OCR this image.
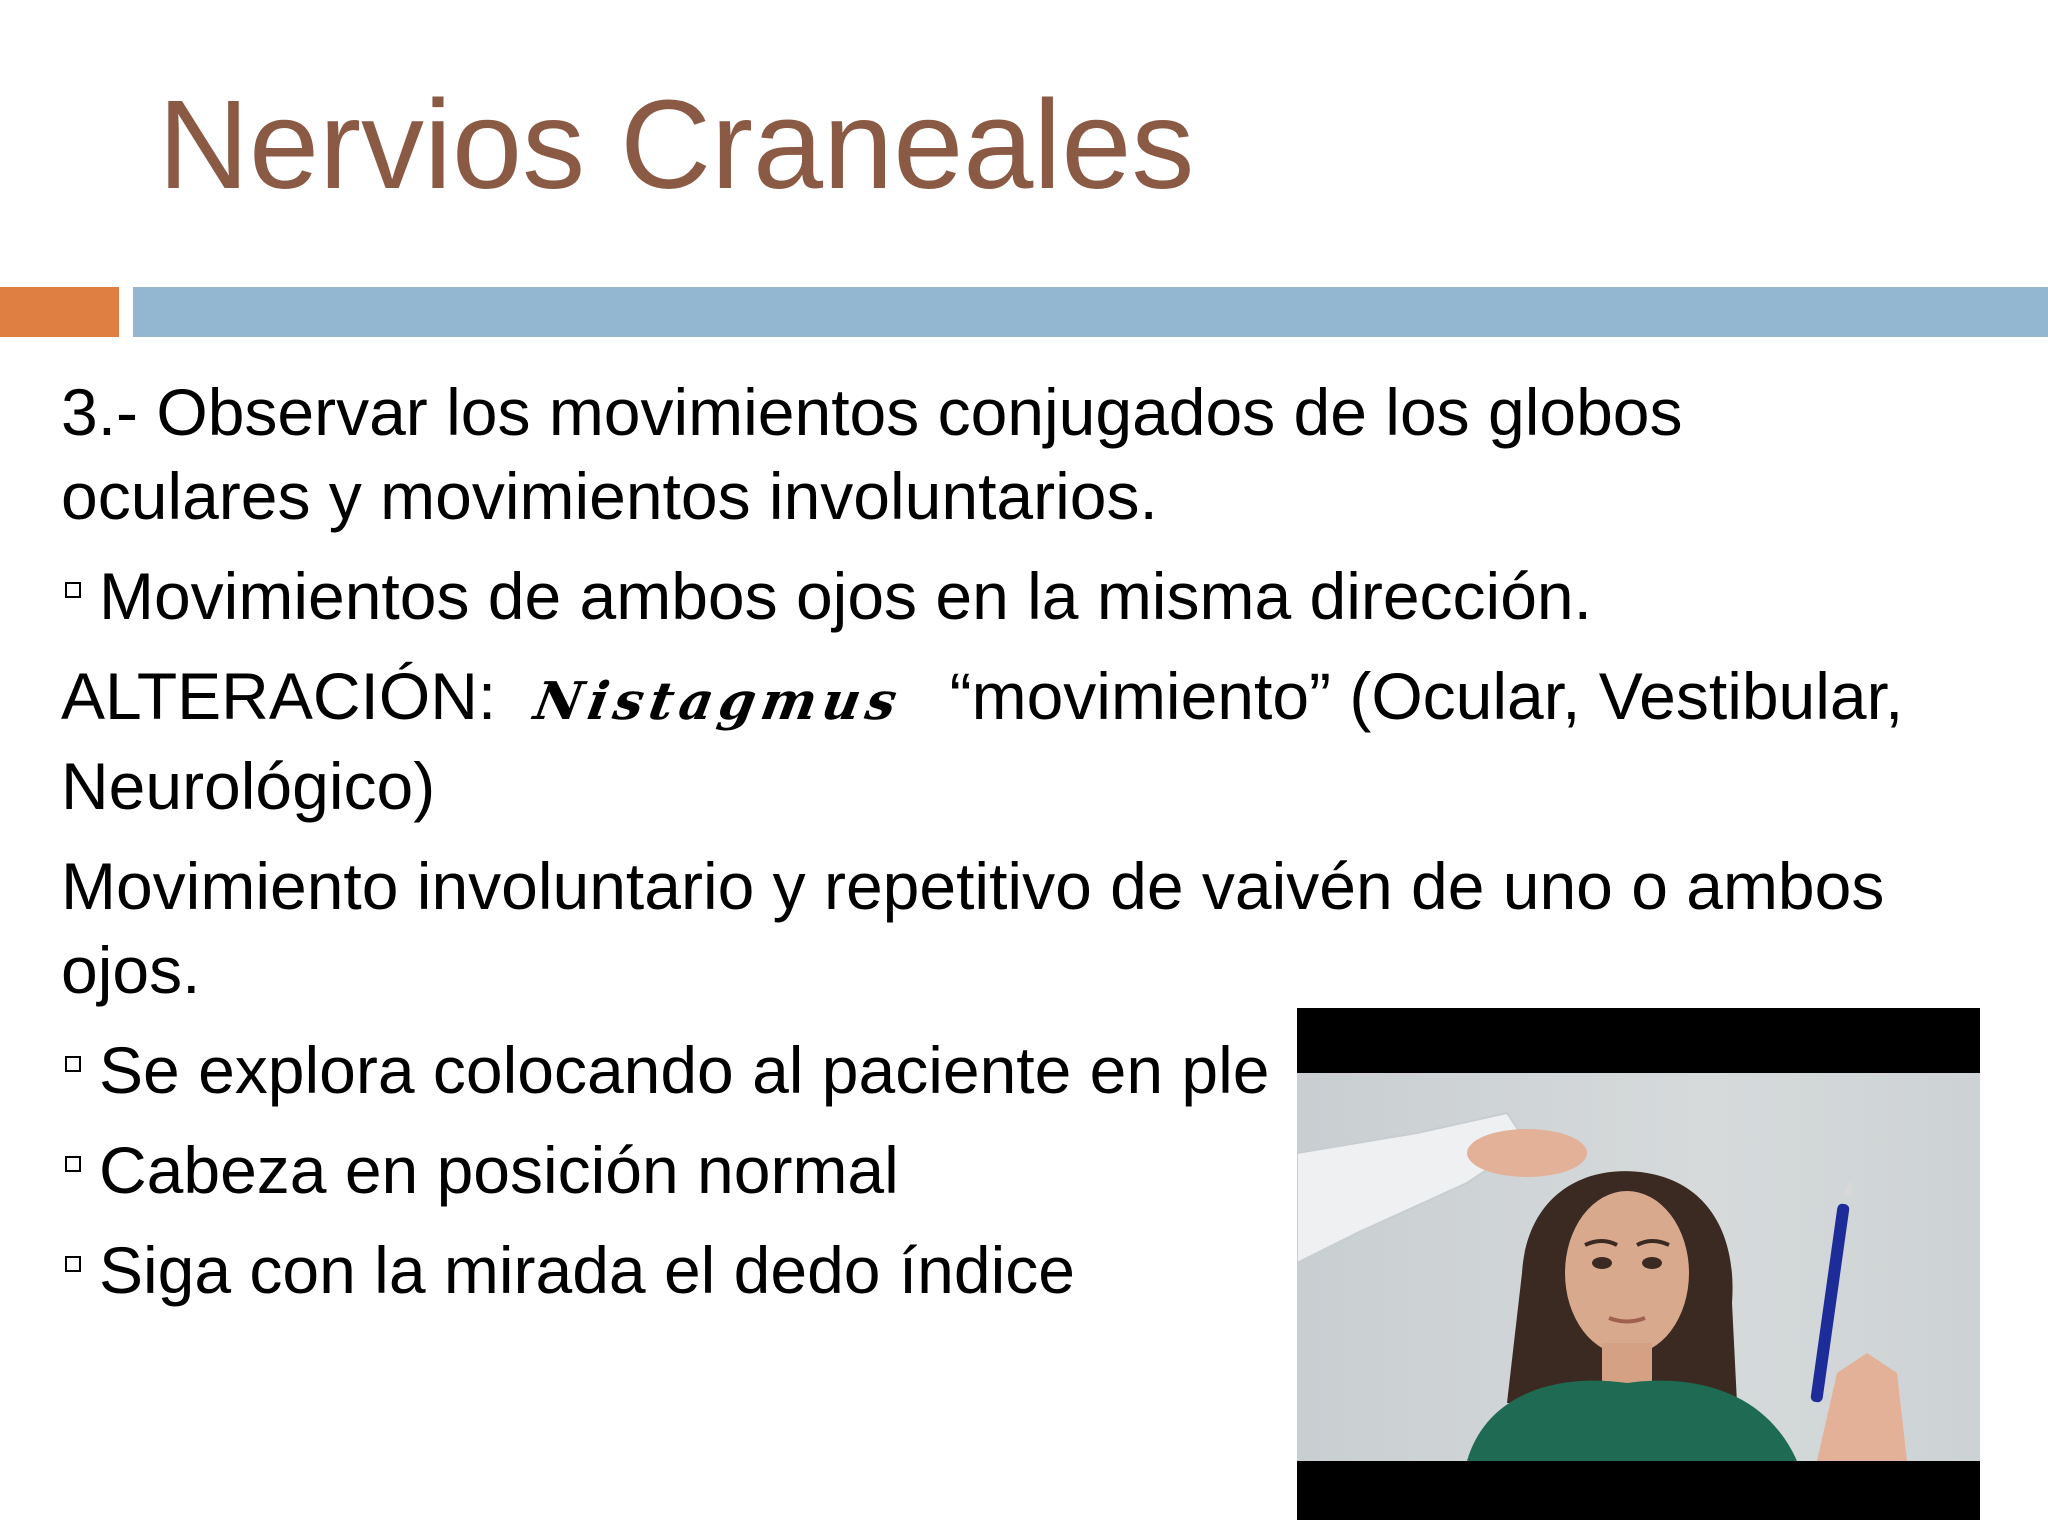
Nervios Craneales

3.- Observar los movimientos conjugados de los globos
oculares y movimientos involuntarios.

Movimientos de ambos ojos en la misma dirección.

ALTERACIÓN: Nistagmus “movimiento” (Ocular, Vestibular,
Neurológico)

Movimiento involuntario y repetitivo de vaivén de uno o ambos
ojos.

Se explora colocando al paciente en ple
Cabeza en posición normal
Siga con la mirada el dedo índice
